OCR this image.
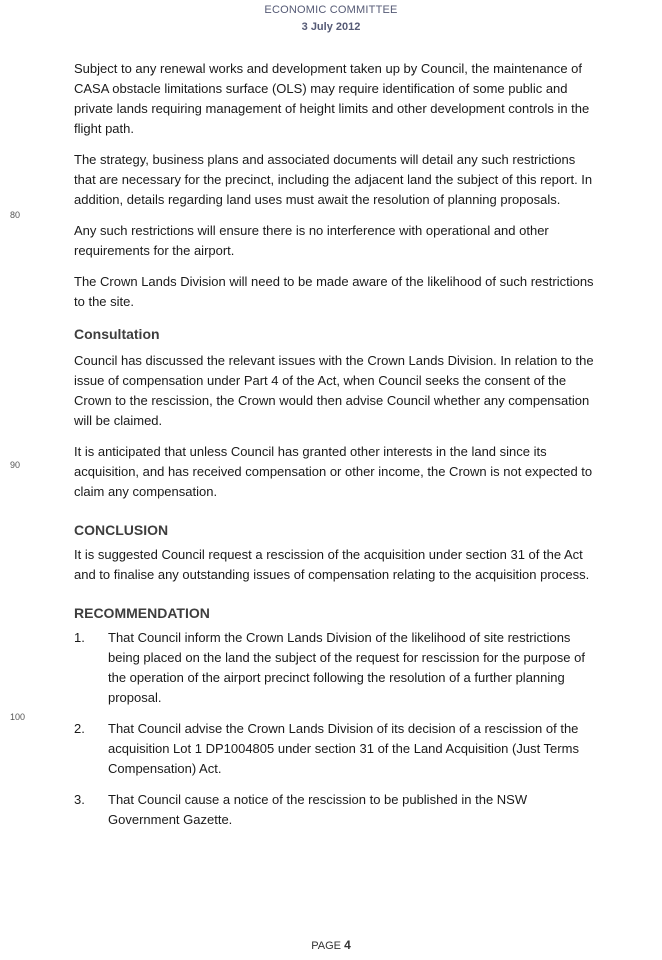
ECONOMIC COMMITTEE
3 July 2012
80
90
100

Subject to any renewal works and development taken up by Council, the maintenance of CASA obstacle limitations surface (OLS) may require identification of some public and private lands requiring management of height limits and other development controls in the flight path.

The strategy, business plans and associated documents will detail any such restrictions that are necessary for the precinct, including the adjacent land the subject of this report. In addition, details regarding land uses must await the resolution of planning proposals.

Any such restrictions will ensure there is no interference with operational and other requirements for the airport.

The Crown Lands Division will need to be made aware of the likelihood of such restrictions to the site.

Consultation

Council has discussed the relevant issues with the Crown Lands Division. In relation to the issue of compensation under Part 4 of the Act, when Council seeks the consent of the Crown to the rescission, the Crown would then advise Council whether any compensation will be claimed.

It is anticipated that unless Council has granted other interests in the land since its acquisition, and has received compensation or other income, the Crown is not expected to claim any compensation.

CONCLUSION

It is suggested Council request a rescission of the acquisition under section 31 of the Act and to finalise any outstanding issues of compensation relating to the acquisition process.

RECOMMENDATION
1. That Council inform the Crown Lands Division of the likelihood of site restrictions being placed on the land the subject of the request for rescission for the purpose of the operation of the airport precinct following the resolution of a further planning proposal.
2. That Council advise the Crown Lands Division of its decision of a rescission of the acquisition Lot 1 DP1004805 under section 31 of the Land Acquisition (Just Terms Compensation) Act.
3. That Council cause a notice of the rescission to be published in the NSW Government Gazette.
PAGE 4
